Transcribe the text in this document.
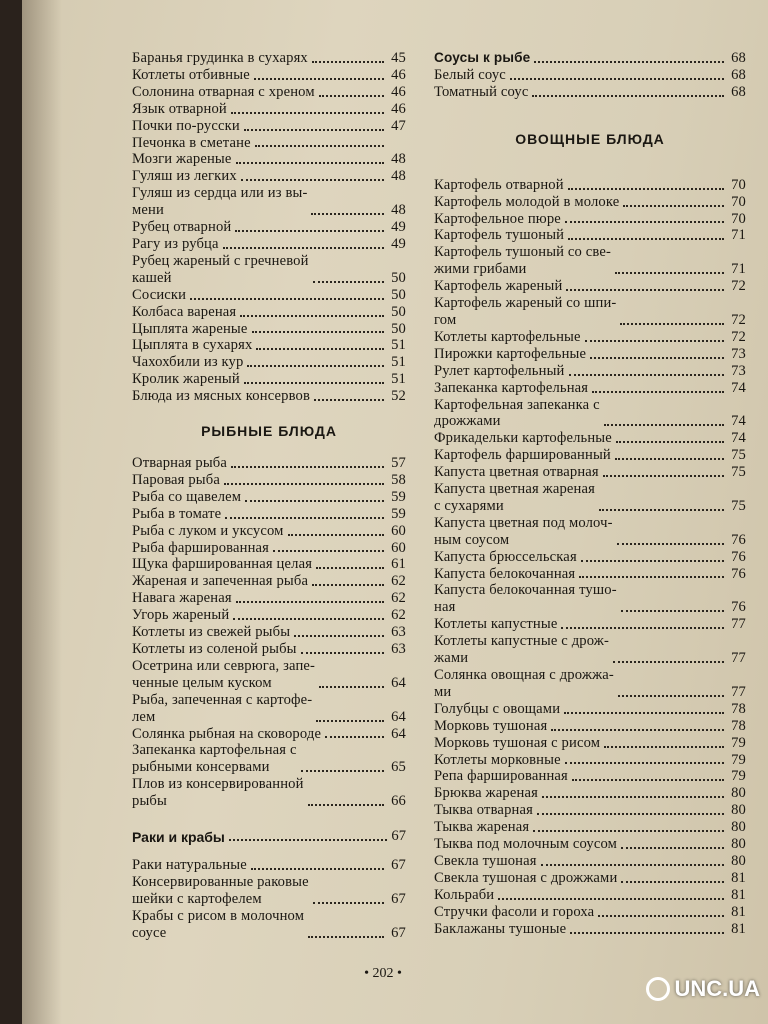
Баранья грудинка в сухарях	45
Котлеты отбивные	46
Солонина отварная с хреном	46
Язык отварной	46
Почки по-русски	47
Печонка в сметане
Мозги жареные	48
Гуляш из легких	48
Гуляш из сердца или из вы-
мени	48
Рубец отварной	49
Рагу из рубца	49
Рубец жареный с гречневой
кашей	50
Сосиски	50
Колбаса вареная	50
Цыплята жареные	50
Цыплята в сухарях	51
Чахохбили из кур	51
Кролик жареный	51
Блюда из мясных консервов	52
РЫБНЫЕ БЛЮДА
Отварная рыба	57
Паровая рыба	58
Рыба со щавелем	59
Рыба в томате	59
Рыба с луком и уксусом	60
Рыба фаршированная	60
Щука фаршированная целая	61
Жареная и запеченная рыба	62
Навага жареная	62
Угорь жареный	62
Котлеты из свежей рыбы	63
Котлеты из соленой рыбы	63
Осетрина или севрюга, запе-
ченные целым куском	64
Рыба, запеченная с картофе-
лем	64
Солянка рыбная на сковороде	64
Запеканка картофельная с
рыбными консервами	65
Плов из консервированной
рыбы	66
Раки и крабы	67
Раки натуральные	67
Консервированные раковые
шейки с картофелем	67
Крабы с рисом в молочном
соусе	67
Соусы к рыбе	68
Белый соус	68
Томатный соус	68
ОВОЩНЫЕ БЛЮДА
Картофель отварной	70
Картофель молодой в молоке	70
Картофельное пюре	70
Картофель тушоный	71
Картофель тушоный со све-
жими грибами	71
Картофель жареный	72
Картофель жареный со шпи-
гом	72
Котлеты картофельные	72
Пирожки картофельные	73
Рулет картофельный	73
Запеканка картофельная	74
Картофельная запеканка с
дрожжами	74
Фрикадельки картофельные	74
Картофель фаршированный	75
Капуста цветная отварная	75
Капуста цветная жареная
с сухарями	75
Капуста цветная под молоч-
ным соусом	76
Капуста брюссельская	76
Капуста белокочанная	76
Капуста белокочанная тушо-
ная	76
Котлеты капустные	77
Котлеты капустные с дрож-
жами	77
Солянка овощная с дрожжа-
ми	77
Голубцы с овощами	78
Морковь тушоная	78
Морковь тушоная с рисом	79
Котлеты морковные	79
Репа фаршированная	79
Брюква жареная	80
Тыква отварная	80
Тыква жареная	80
Тыква под молочным соусом	80
Свекла тушоная	80
Свекла тушоная с дрожжами	81
Кольраби	81
Стручки фасоли и гороха	81
Баклажаны тушоные	81
• 202 •
UNC.UA
